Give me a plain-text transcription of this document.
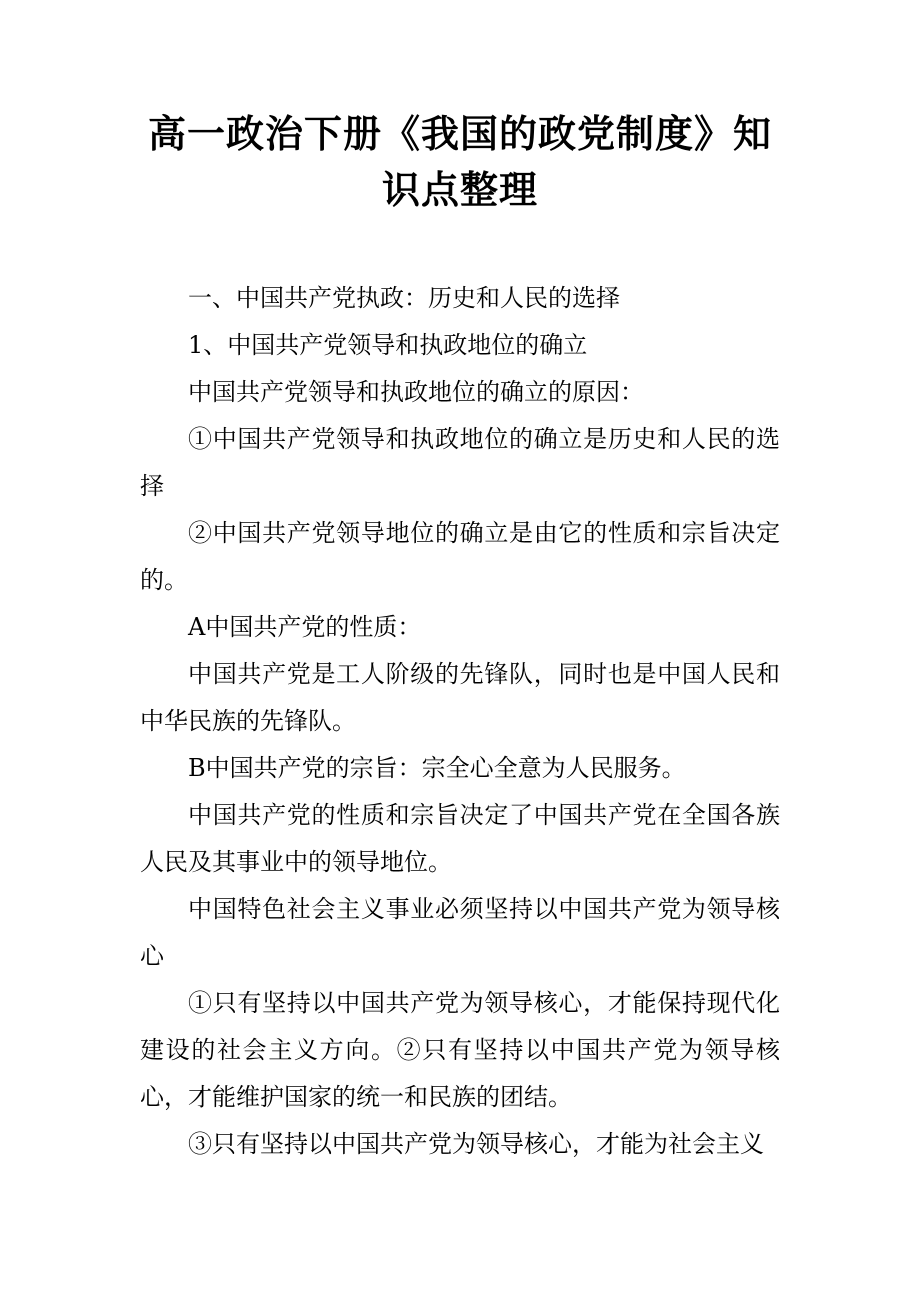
高一政治下册《我国的政党制度》知识点整理

一、中国共产党执政：历史和人民的选择

1、中国共产党领导和执政地位的确立

中国共产党领导和执政地位的确立的原因：

①中国共产党领导和执政地位的确立是历史和人民的选择

②中国共产党领导地位的确立是由它的性质和宗旨决定的。

A中国共产党的性质：

中国共产党是工人阶级的先锋队，同时也是中国人民和中华民族的先锋队。

B中国共产党的宗旨：宗全心全意为人民服务。

中国共产党的性质和宗旨决定了中国共产党在全国各族人民及其事业中的领导地位。

中国特色社会主义事业必须坚持以中国共产党为领导核心

①只有坚持以中国共产党为领导核心，才能保持现代化建设的社会主义方向。②只有坚持以中国共产党为领导核心，才能维护国家的统一和民族的团结。

③只有坚持以中国共产党为领导核心，才能为社会主义
